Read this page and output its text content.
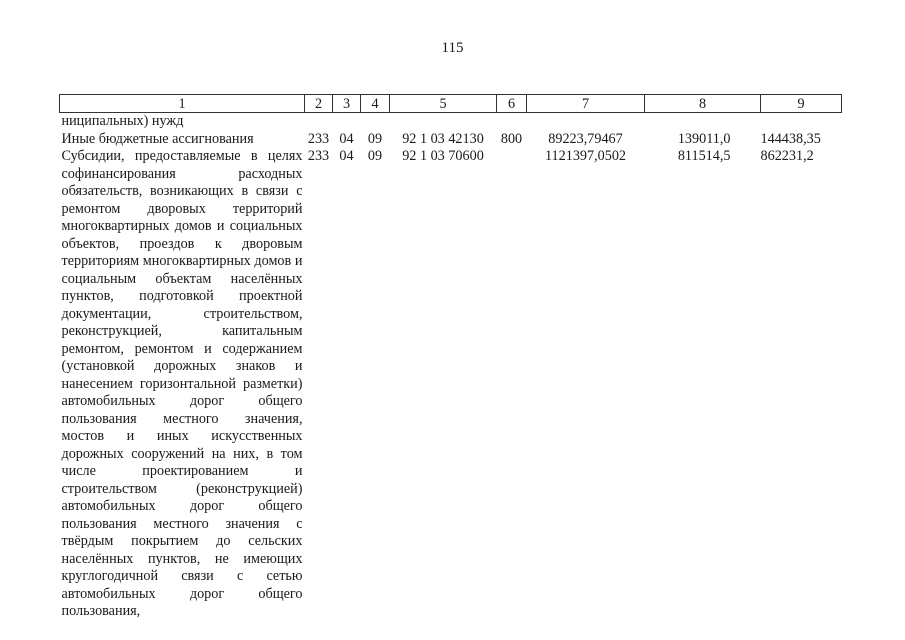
115
1	2	3	4	5	6	7	8	9
ниципальных) нужд								
Иные бюджетные ассигнования	233	04	09	92 1 03 42130	800	89223,79467	139011,0	144438,35
Субсидии, предоставляемые в целях софинансирования расходных обязательств, возникающих в связи с ремонтом дворовых территорий многоквартирных домов и социальных объектов, проездов к дворовым территориям многоквартирных домов и социальным объектам населённых пунктов, подготовкой проектной документации, строительством, реконструкцией, капитальным ремонтом, ремонтом и содержанием (установкой дорожных знаков и нанесением горизонтальной разметки) автомобильных дорог общего пользования местного значения, мостов и иных искусственных дорожных сооружений на них, в том числе проектированием и строительством (реконструкцией) автомобильных дорог общего пользования местного значения с твёрдым покрытием до сельских населённых пунктов, не имеющих круглогодичной связи с сетью автомобильных дорог общего пользования,	233	04	09	92 1 03 70600		1121397,0502	811514,5	862231,2
